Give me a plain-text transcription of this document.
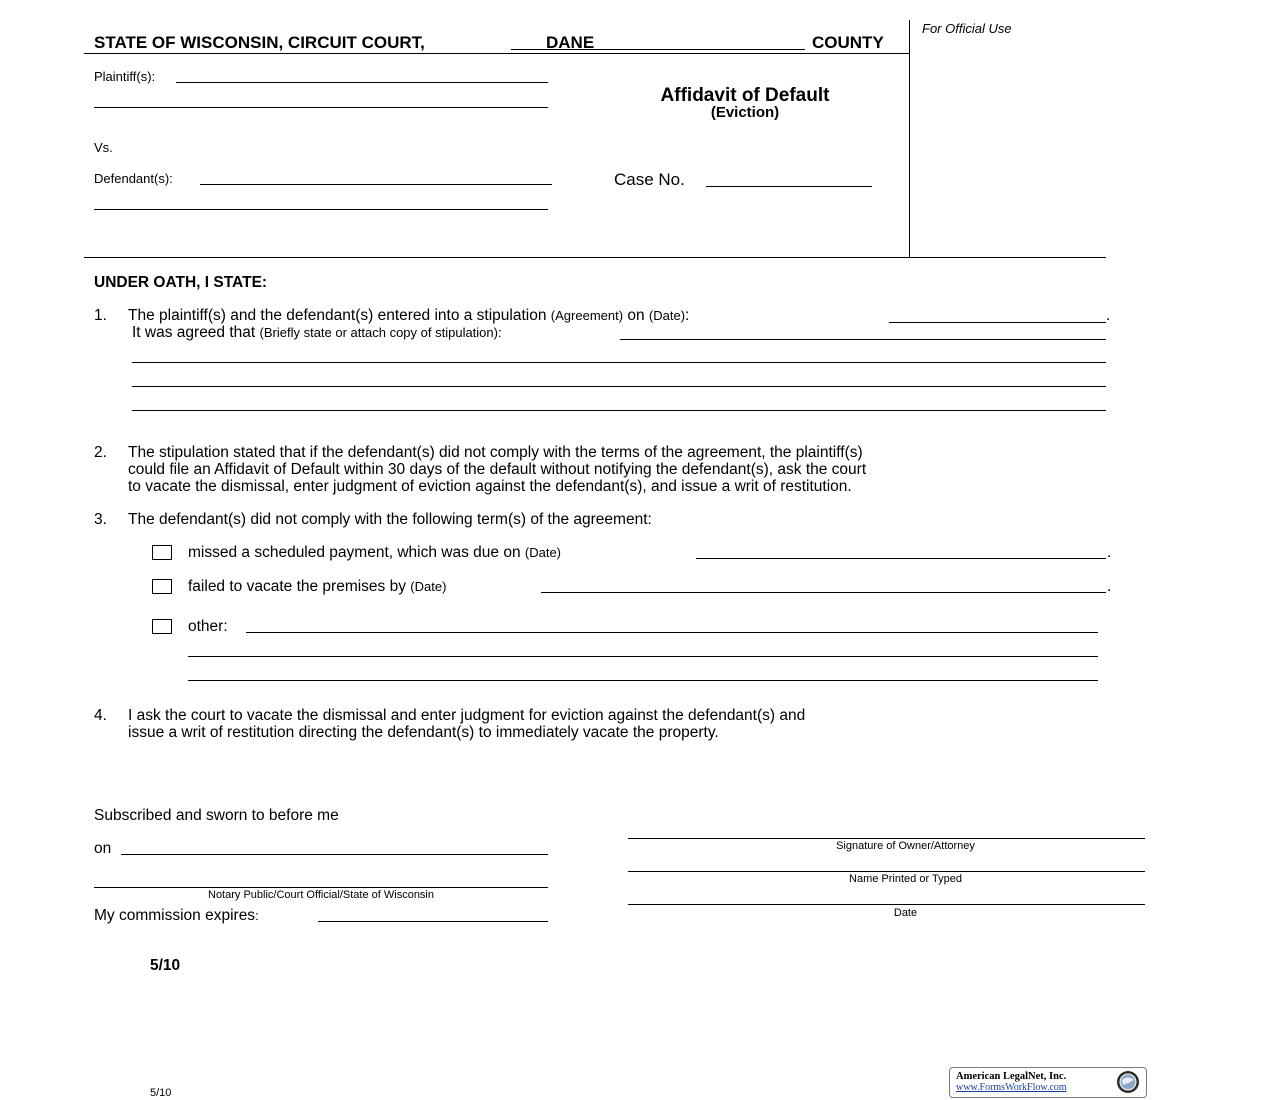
STATE OF WISCONSIN, CIRCUIT COURT,	DANE	COUNTY
For Official Use
Plaintiff(s):
Vs.
Defendant(s):
Affidavit of Default
(Eviction)
Case No.
UNDER OATH, I STATE:
1. The plaintiff(s) and the defendant(s) entered into a stipulation (Agreement) on (Date):	.
It was agreed that (Briefly state or attach copy of stipulation):
2. The stipulation stated that if the defendant(s) did not comply with the terms of the agreement, the plaintiff(s)
could file an Affidavit of Default within 30 days of the default without notifying the defendant(s), ask the court
to vacate the dismissal, enter judgment of eviction against the defendant(s), and issue a writ of restitution.
3. The defendant(s) did not comply with the following term(s) of the agreement:
missed a scheduled payment, which was due on (Date)	.
failed to vacate the premises by (Date)	.
other:
4. I ask the court to vacate the dismissal and enter judgment for eviction against the defendant(s) and
issue a writ of restitution directing the defendant(s) to immediately vacate the property.
Subscribed and sworn to before me
on
Notary Public/Court Official/State of Wisconsin
My commission expires:
Signature of Owner/Attorney
Name Printed or Typed
Date
5/10
5/10
American LegalNet, Inc.
www.FormsWorkFlow.com
